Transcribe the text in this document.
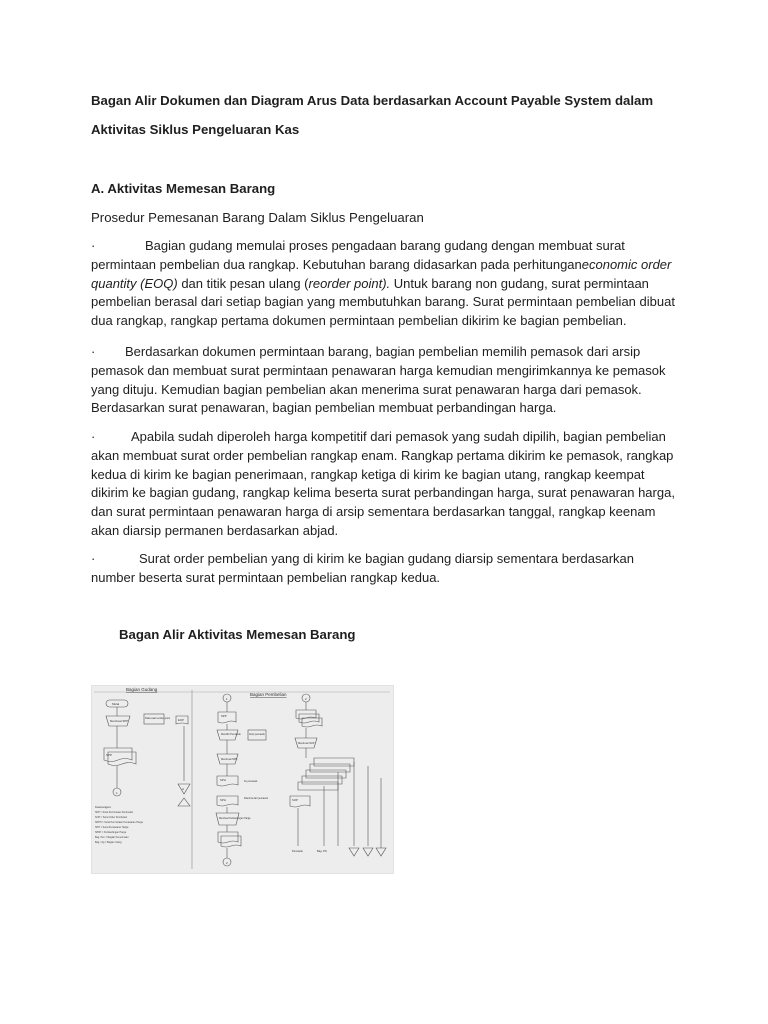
Bagan Alir Dokumen dan Diagram Arus Data berdasarkan Account Payable System dalam
Aktivitas Siklus Pengeluaran Kas
A. Aktivitas Memesan Barang
Prosedur Pemesanan Barang Dalam Siklus Pengeluaran
·	Bagian gudang memulai proses pengadaan barang gudang dengan membuat surat permintaan pembelian dua rangkap. Kebutuhan barang didasarkan pada perhitunganeconomic order quantity (EOQ) dan titik pesan ulang (reorder point). Untuk barang non gudang, surat permintaan pembelian berasal dari setiap bagian yang membutuhkan barang. Surat permintaan pembelian dibuat dua rangkap, rangkap pertama dokumen permintaan pembelian dikirim ke bagian pembelian.
· Berdasarkan dokumen permintaan barang, bagian pembelian memilih pemasok dari arsip pemasok dan membuat surat permintaan penawaran harga kemudian mengirimkannya ke pemasok yang dituju. Kemudian bagian pembelian akan menerima surat penawaran harga dari pemasok. Berdasarkan surat penawaran, bagian pembelian membuat perbandingan harga.
·	Apabila sudah diperoleh harga kompetitif dari pemasok yang sudah dipilih, bagian pembelian akan membuat surat order pembelian rangkap enam. Rangkap pertama dikirim ke pemasok, rangkap kedua di kirim ke bagian penerimaan, rangkap ketiga di kirim ke bagian utang, rangkap keempat dikirim ke bagian gudang, rangkap kelima beserta surat perbandingan harga, surat penawaran harga, dan surat permintaan penawaran harga di arsip sementara berdasarkan tanggal, rangkap keenam akan diarsip permanen berdasarkan abjad.
·	Surat order pembelian yang di kirim ke bagian gudang diarsip sementara berdasarkan number beserta surat permintaan pembelian rangkap kedua.
Bagan Alir Aktivitas Memesan Barang
Bagian Gudang
Bagian Pembelian
Mulai
Membuat SPP
Pada saat reorder point
SPP
1
EOP
A
Keterangan:
SPP = Surat Permintaan Pembelian
SOP = Surat Order Pembelian
SPPH = Surat Permintaan Penawaran Harga
SPH = Surat Penawaran Harga
SPbH = Perbandingan Harga
Bag. Pen = Bagian Penerimaan
Bag. Utg = Bagian Utang
1
SPP
Memilih Pemasok	Arsip pemasok
Membuat SPH
SPH	Ke pemasok
SPH	Diterima dari pemasok
Membuat Perbandingan Harga
2
2
Membuat SOP
SOP
Pemasok	Bag. PN
